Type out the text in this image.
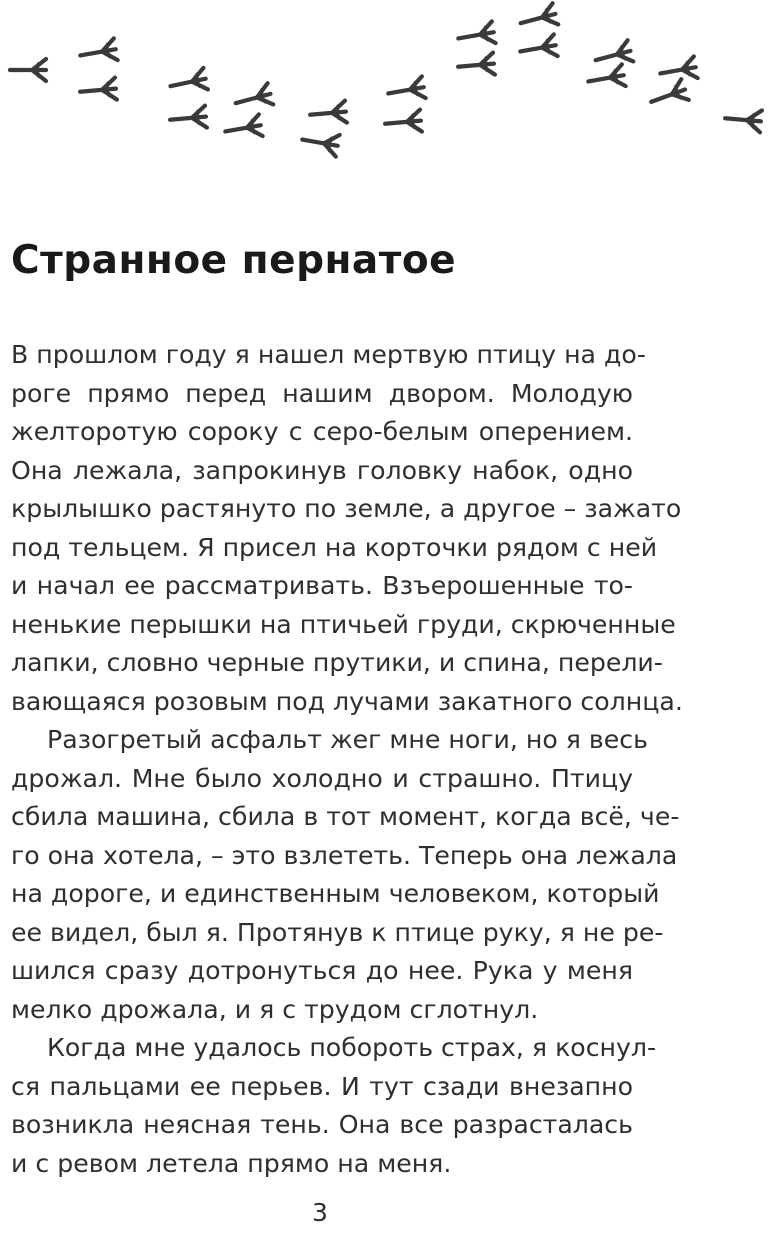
Странное пернатое
В прошлом году я нашел мертвую птицу на до-
роге прямо перед нашим двором. Молодую
желторотую сороку с серо-белым оперением.
Она лежала, запрокинув головку набок, одно
крылышко растянуто по земле, а другое – зажато
под тельцем. Я присел на корточки рядом с ней
и начал ее рассматривать. Взъерошенные то-
ненькие перышки на птичьей груди, скрюченные
лапки, словно черные прутики, и спина, перели-
вающаяся розовым под лучами закатного солнца.
Разогретый асфальт жег мне ноги, но я весь
дрожал. Мне было холодно и страшно. Птицу
сбила машина, сбила в тот момент, когда всё, че-
го она хотела, – это взлететь. Теперь она лежала
на дороге, и единственным человеком, который
ее видел, был я. Протянув к птице руку, я не ре-
шился сразу дотронуться до нее. Рука у меня
мелко дрожала, и я с трудом сглотнул.
Когда мне удалось побороть страх, я коснул-
ся пальцами ее перьев. И тут сзади внезапно
возникла неясная тень. Она все разрасталась
и с ревом летела прямо на меня.
3
